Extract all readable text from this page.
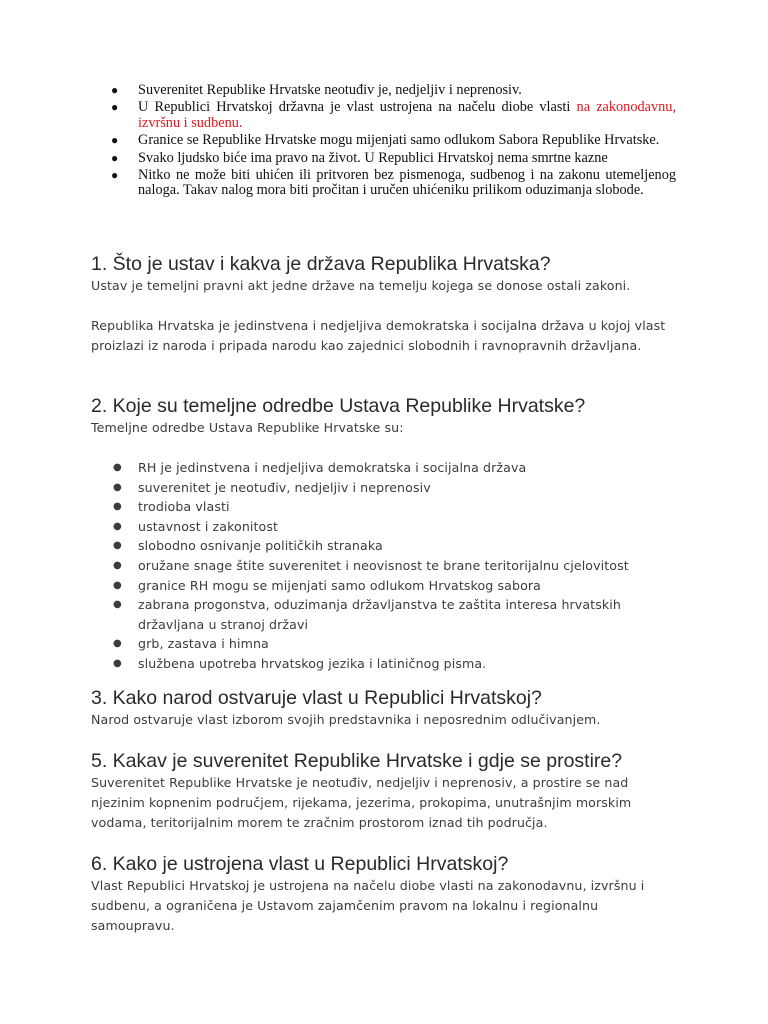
● Suverenitet Republike Hrvatske neotuđiv je, nedjeljiv i neprenosiv.
● U Republici Hrvatskoj državna je vlast ustrojena na načelu diobe vlasti na zakonodavnu, izvršnu i sudbenu.
● Granice se Republike Hrvatske mogu mijenjati samo odlukom Sabora Republike Hrvatske.
● Svako ljudsko biće ima pravo na život. U Republici Hrvatskoj nema smrtne kazne
● Nitko ne može biti uhićen ili pritvoren bez pismenoga, sudbenog i na zakonu utemeljenog naloga. Takav nalog mora biti pročitan i uručen uhićeniku prilikom oduzimanja slobode.
1. Što je ustav i kakva je država Republika Hrvatska?

Ustav je temeljni pravni akt jedne države na temelju kojega se donose ostali zakoni.

Republika Hrvatska je jedinstvena i nedjeljiva demokratska i socijalna država u kojoj vlast proizlazi iz naroda i pripada narodu kao zajednici slobodnih i ravnopravnih državljana.

2. Koje su temeljne odredbe Ustava Republike Hrvatske?

Temeljne odredbe Ustava Republike Hrvatske su:

● RH je jedinstvena i nedjeljiva demokratska i socijalna država
● suverenitet je neotuđiv, nedjeljiv i neprenosiv
● trodioba vlasti
● ustavnost i zakonitost
● slobodno osnivanje političkih stranaka
● oružane snage štite suverenitet i neovisnost te brane teritorijalnu cjelovitost
● granice RH mogu se mijenjati samo odlukom Hrvatskog sabora
● zabrana progonstva, oduzimanja državljanstva te zaštita interesa hrvatskih državljana u stranoj državi
● grb, zastava i himna
● službena upotreba hrvatskog jezika i latiničnog pisma.
3. Kako narod ostvaruje vlast u Republici Hrvatskoj?

Narod ostvaruje vlast izborom svojih predstavnika i neposrednim odlučivanjem.

5. Kakav je suverenitet Republike Hrvatske i gdje se prostire?

Suverenitet Republike Hrvatske je neotuđiv, nedjeljiv i neprenosiv, a prostire se nad njezinim kopnenim područjem, rijekama, jezerima, prokopima, unutrašnjim morskim vodama, teritorijalnim morem te zračnim prostorom iznad tih područja.

6. Kako je ustrojena vlast u Republici Hrvatskoj?

Vlast Republici Hrvatskoj je ustrojena na načelu diobe vlasti na zakonodavnu, izvršnu i sudbenu, a ograničena je Ustavom zajamčenim pravom na lokalnu i regionalnu samoupravu.
